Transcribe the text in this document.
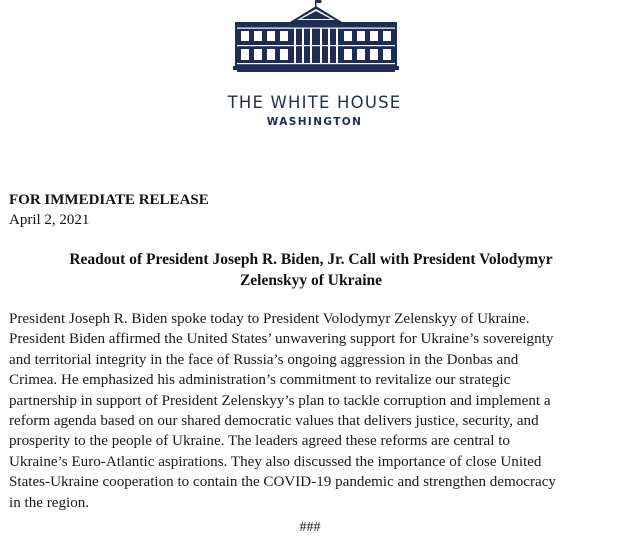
THE WHITE HOUSE
WASHINGTON
FOR IMMEDIATE RELEASE
April 2, 2021
Readout of President Joseph R. Biden, Jr. Call with President Volodymyr
Zelenskyy of Ukraine
President Joseph R. Biden spoke today to President Volodymyr Zelenskyy of Ukraine.
President Biden affirmed the United States’ unwavering support for Ukraine’s sovereignty
and territorial integrity in the face of Russia’s ongoing aggression in the Donbas and
Crimea. He emphasized his administration’s commitment to revitalize our strategic
partnership in support of President Zelenskyy’s plan to tackle corruption and implement a
reform agenda based on our shared democratic values that delivers justice, security, and
prosperity to the people of Ukraine. The leaders agreed these reforms are central to
Ukraine’s Euro-Atlantic aspirations. They also discussed the importance of close United
States-Ukraine cooperation to contain the COVID-19 pandemic and strengthen democracy
in the region.
###
